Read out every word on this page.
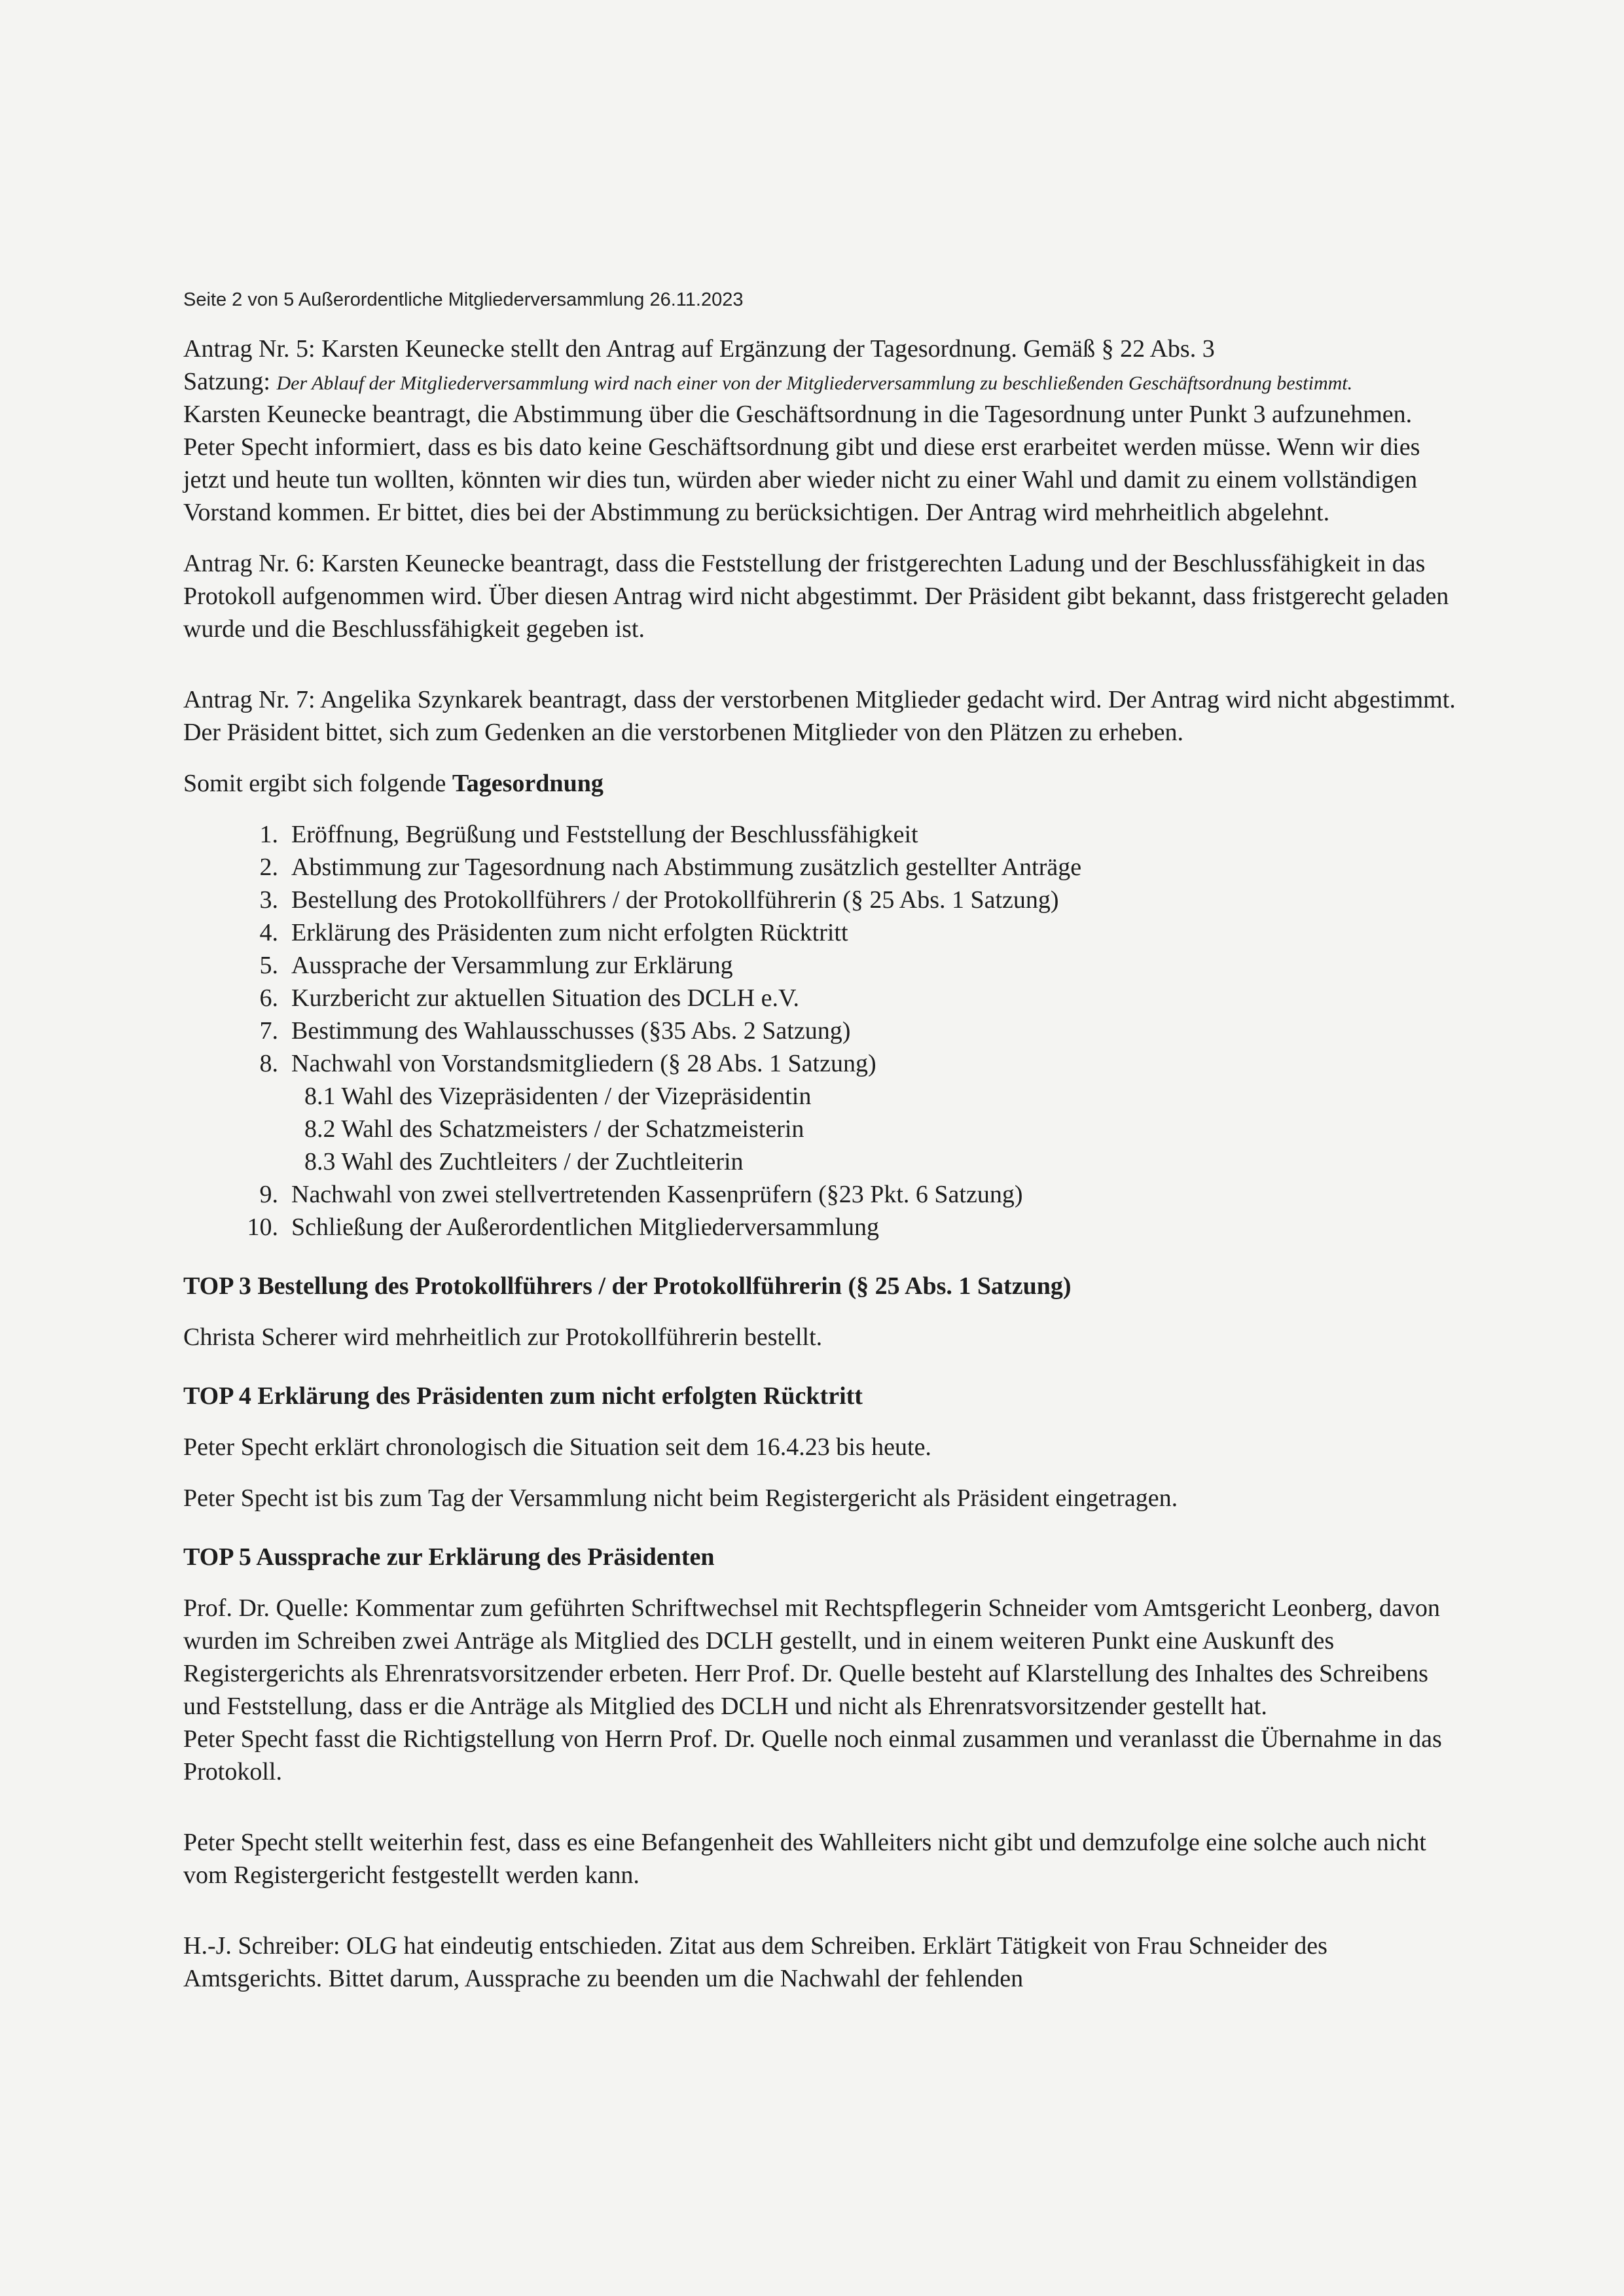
Seite 2 von 5 Außerordentliche Mitgliederversammlung 26.11.2023

Antrag Nr. 5: Karsten Keunecke stellt den Antrag auf Ergänzung der Tagesordnung. Gemäß § 22 Abs. 3

Satzung: Der Ablauf der Mitgliederversammlung wird nach einer von der Mitgliederversammlung zu beschließenden Geschäftsordnung bestimmt.

Karsten Keunecke beantragt, die Abstimmung über die Geschäftsordnung in die Tagesordnung unter Punkt 3 aufzunehmen.

Peter Specht informiert, dass es bis dato keine Geschäftsordnung gibt und diese erst erarbeitet werden müsse. Wenn wir dies jetzt und heute tun wollten, könnten wir dies tun, würden aber wieder nicht zu einer Wahl und damit zu einem vollständigen Vorstand kommen. Er bittet, dies bei der Abstimmung zu berücksichtigen. Der Antrag wird mehrheitlich abgelehnt.

Antrag Nr. 6: Karsten Keunecke beantragt, dass die Feststellung der fristgerechten Ladung und der Beschlussfähigkeit in das Protokoll aufgenommen wird. Über diesen Antrag wird nicht abgestimmt. Der Präsident gibt bekannt, dass fristgerecht geladen wurde und die Beschlussfähigkeit gegeben ist.

Antrag Nr. 7: Angelika Szynkarek beantragt, dass der verstorbenen Mitglieder gedacht wird. Der Antrag wird nicht abgestimmt. Der Präsident bittet, sich zum Gedenken an die verstorbenen Mitglieder von den Plätzen zu erheben.

Somit ergibt sich folgende Tagesordnung

1. Eröffnung, Begrüßung und Feststellung der Beschlussfähigkeit
2. Abstimmung zur Tagesordnung nach Abstimmung zusätzlich gestellter Anträge
3. Bestellung des Protokollführers / der Protokollführerin (§ 25 Abs. 1 Satzung)
4. Erklärung des Präsidenten zum nicht erfolgten Rücktritt
5. Aussprache der Versammlung zur Erklärung
6. Kurzbericht zur aktuellen Situation des DCLH e.V.
7. Bestimmung des Wahlausschusses (§35 Abs. 2 Satzung)
8. Nachwahl von Vorstandsmitgliedern (§ 28 Abs. 1 Satzung)
8.1 Wahl des Vizepräsidenten / der Vizepräsidentin
8.2 Wahl des Schatzmeisters / der Schatzmeisterin
8.3 Wahl des Zuchtleiters / der Zuchtleiterin
9. Nachwahl von zwei stellvertretenden Kassenprüfern (§23 Pkt. 6 Satzung)
10. Schließung der Außerordentlichen Mitgliederversammlung

TOP 3 Bestellung des Protokollführers / der Protokollführerin (§ 25 Abs. 1 Satzung)

Christa Scherer wird mehrheitlich zur Protokollführerin bestellt.

TOP 4 Erklärung des Präsidenten zum nicht erfolgten Rücktritt

Peter Specht erklärt chronologisch die Situation seit dem 16.4.23 bis heute.

Peter Specht ist bis zum Tag der Versammlung nicht beim Registergericht als Präsident eingetragen.

TOP 5 Aussprache zur Erklärung des Präsidenten

Prof. Dr. Quelle: Kommentar zum geführten Schriftwechsel mit Rechtspflegerin Schneider vom Amtsgericht Leonberg, davon wurden im Schreiben zwei Anträge als Mitglied des DCLH gestellt, und in einem weiteren Punkt eine Auskunft des Registergerichts als Ehrenratsvorsitzender erbeten. Herr Prof. Dr. Quelle besteht auf Klarstellung des Inhaltes des Schreibens und Feststellung, dass er die Anträge als Mitglied des DCLH und nicht als Ehrenratsvorsitzender gestellt hat.

Peter Specht fasst die Richtigstellung von Herrn Prof. Dr. Quelle noch einmal zusammen und veranlasst die Übernahme in das Protokoll.

Peter Specht stellt weiterhin fest, dass es eine Befangenheit des Wahlleiters nicht gibt und demzufolge eine solche auch nicht vom Registergericht festgestellt werden kann.

H.-J. Schreiber: OLG hat eindeutig entschieden. Zitat aus dem Schreiben. Erklärt Tätigkeit von Frau Schneider des Amtsgerichts. Bittet darum, Aussprache zu beenden um die Nachwahl der fehlenden
